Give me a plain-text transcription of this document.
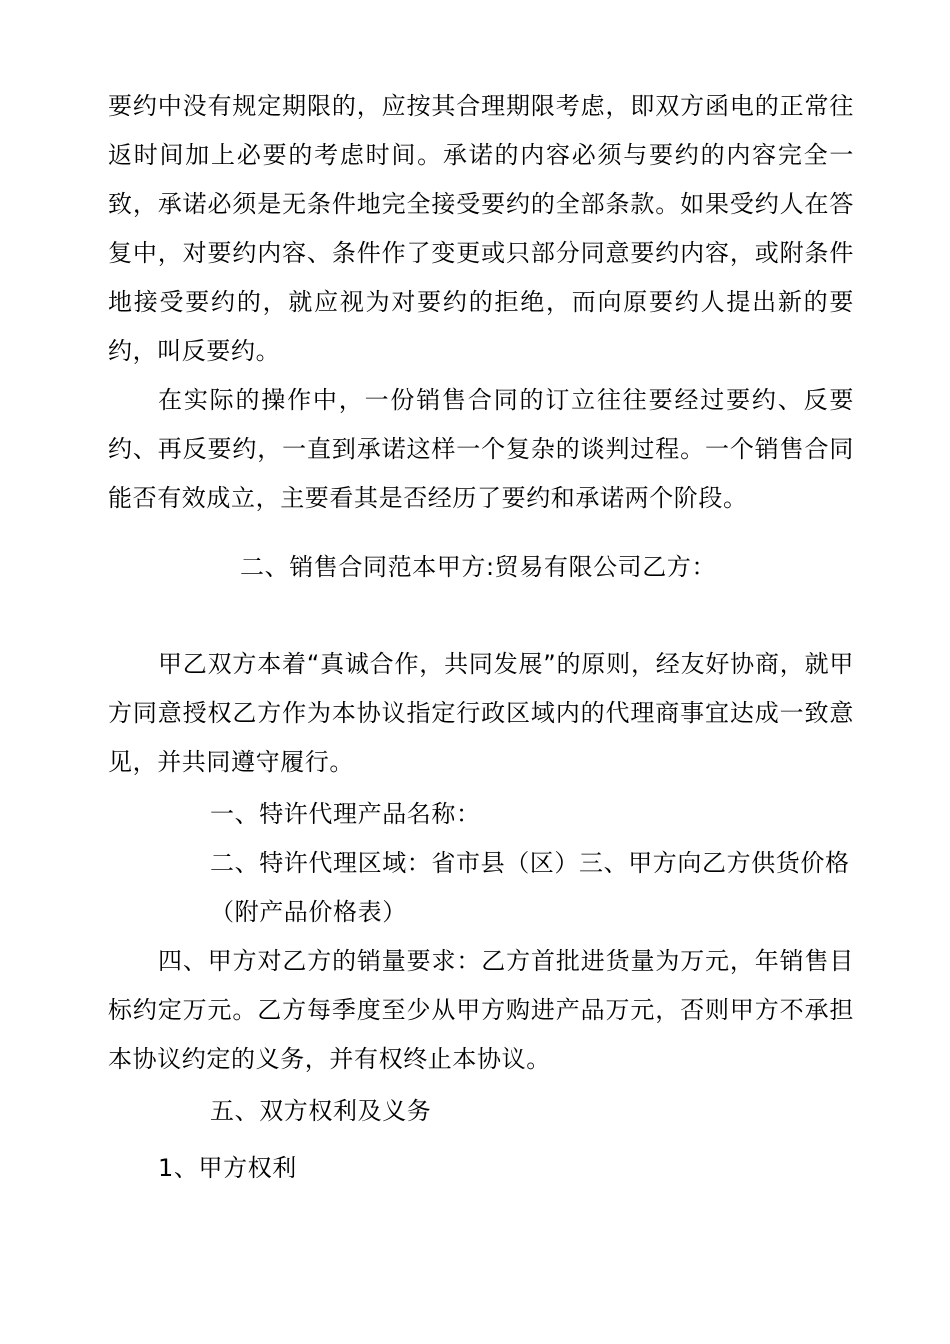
要约中没有规定期限的，应按其合理期限考虑，即双方函电的正常往返时间加上必要的考虑时间。承诺的内容必须与要约的内容完全一致，承诺必须是无条件地完全接受要约的全部条款。如果受约人在答复中，对要约内容、条件作了变更或只部分同意要约内容，或附条件地接受要约的，就应视为对要约的拒绝，而向原要约人提出新的要约，叫反要约。

在实际的操作中，一份销售合同的订立往往要经过要约、反要约、再反要约，一直到承诺这样一个复杂的谈判过程。一个销售合同能否有效成立，主要看其是否经历了要约和承诺两个阶段。

二、销售合同范本甲方:贸易有限公司乙方：

甲乙双方本着“真诚合作，共同发展”的原则，经友好协商，就甲方同意授权乙方作为本协议指定行政区域内的代理商事宜达成一致意见，并共同遵守履行。

一、特许代理产品名称：

二、特许代理区域：省市县（区）三、甲方向乙方供货价格

（附产品价格表）

四、甲方对乙方的销量要求：乙方首批进货量为万元，年销售目标约定万元。乙方每季度至少从甲方购进产品万元，否则甲方不承担本协议约定的义务，并有权终止本协议。

五、双方权利及义务

1、甲方权利
